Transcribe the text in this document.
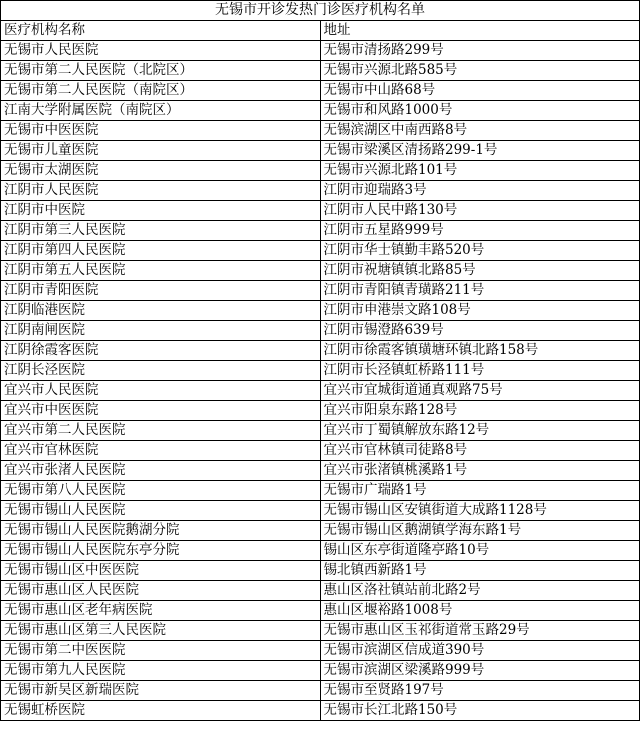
无锡市开诊发热门诊医疗机构名单	
医疗机构名称	地址
无锡市人民医院	无锡市清扬路299号
无锡市第二人民医院（北院区）	无锡市兴源北路585号
无锡市第二人民医院（南院区）	无锡市中山路68号
江南大学附属医院（南院区）	无锡市和风路1000号
无锡市中医医院	无锡滨湖区中南西路8号
无锡市儿童医院	无锡市梁溪区清扬路299-1号
无锡市太湖医院	无锡市兴源北路101号
江阴市人民医院	江阴市迎瑞路3号
江阴市中医院	江阴市人民中路130号
江阴市第三人民医院	江阴市五星路999号
江阴市第四人民医院	江阴市华士镇勤丰路520号
江阴市第五人民医院	江阴市祝塘镇镇北路85号
江阴市青阳医院	江阴市青阳镇青璜路211号
江阴临港医院	江阴市申港崇文路108号
江阴南闸医院	江阴市锡澄路639号
江阴徐霞客医院	江阴市徐霞客镇璜塘环镇北路158号
江阴长泾医院	江阴市长泾镇虹桥路111号
宜兴市人民医院	宜兴市宜城街道通真观路75号
宜兴市中医医院	宜兴市阳泉东路128号
宜兴市第二人民医院	宜兴市丁蜀镇解放东路12号
宜兴市官林医院	宜兴市官林镇司徒路8号
宜兴市张渚人民医院	宜兴市张渚镇桃溪路1号
无锡市第八人民医院	无锡市广瑞路1号
无锡市锡山人民医院	无锡市锡山区安镇街道大成路1128号
无锡市锡山人民医院鹅湖分院	无锡市锡山区鹅湖镇学海东路1号
无锡市锡山人民医院东亭分院	锡山区东亭街道隆亭路10号
无锡市锡山区中医医院	锡北镇西新路1号
无锡市惠山区人民医院	惠山区洛社镇站前北路2号
无锡市惠山区老年病医院	惠山区堰裕路1008号
无锡市惠山区第三人民医院	无锡市惠山区玉祁街道常玉路29号
无锡市第二中医医院	无锡市滨湖区信成道390号
无锡市第九人民医院	无锡市滨湖区梁溪路999号
无锡市新吴区新瑞医院	无锡市至贤路197号
无锡虹桥医院	无锡市长江北路150号
